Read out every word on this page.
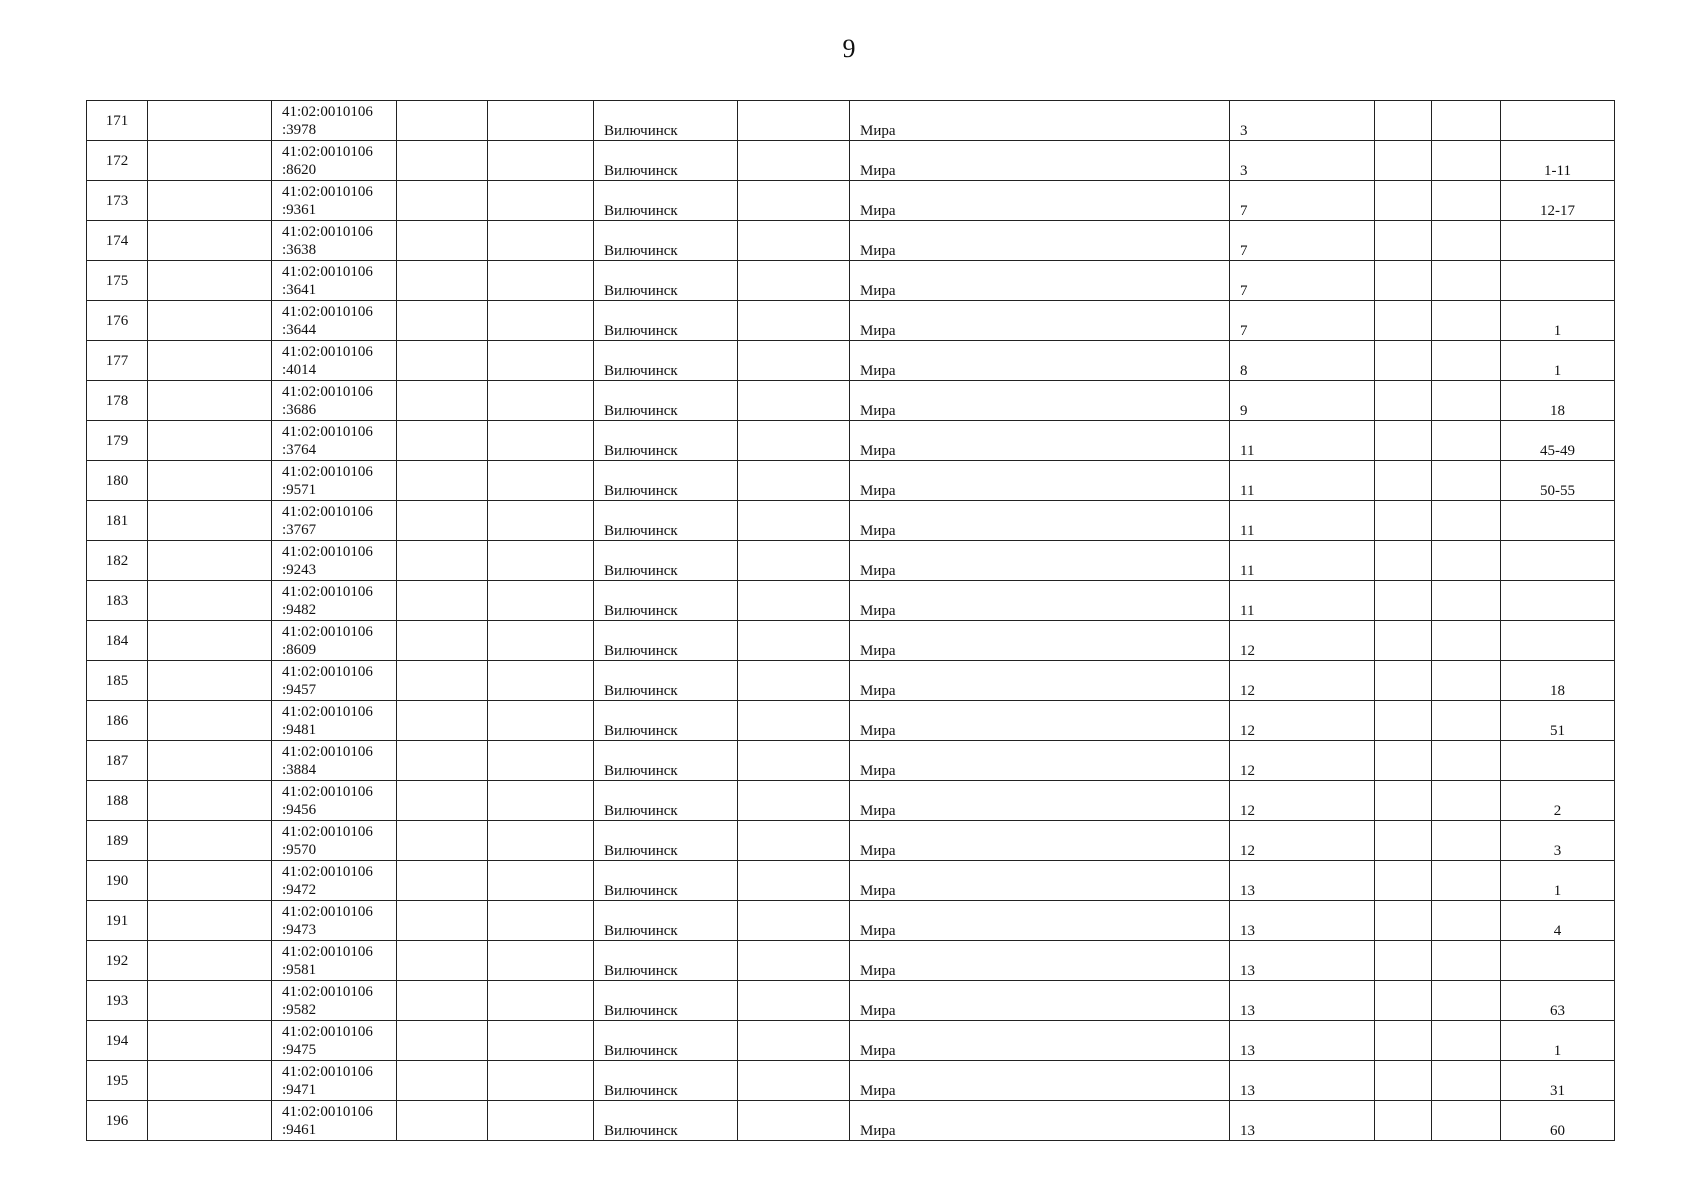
9
171		41:02:0010106
:3978			Вилючинск		Мира	3			
172		41:02:0010106
:8620			Вилючинск		Мира	3			1-11
173		41:02:0010106
:9361			Вилючинск		Мира	7			12-17
174		41:02:0010106
:3638			Вилючинск		Мира	7			
175		41:02:0010106
:3641			Вилючинск		Мира	7			
176		41:02:0010106
:3644			Вилючинск		Мира	7			1
177		41:02:0010106
:4014			Вилючинск		Мира	8			1
178		41:02:0010106
:3686			Вилючинск		Мира	9			18
179		41:02:0010106
:3764			Вилючинск		Мира	11			45-49
180		41:02:0010106
:9571			Вилючинск		Мира	11			50-55
181		41:02:0010106
:3767			Вилючинск		Мира	11			
182		41:02:0010106
:9243			Вилючинск		Мира	11			
183		41:02:0010106
:9482			Вилючинск		Мира	11			
184		41:02:0010106
:8609			Вилючинск		Мира	12			
185		41:02:0010106
:9457			Вилючинск		Мира	12			18
186		41:02:0010106
:9481			Вилючинск		Мира	12			51
187		41:02:0010106
:3884			Вилючинск		Мира	12			
188		41:02:0010106
:9456			Вилючинск		Мира	12			2
189		41:02:0010106
:9570			Вилючинск		Мира	12			3
190		41:02:0010106
:9472			Вилючинск		Мира	13			1
191		41:02:0010106
:9473			Вилючинск		Мира	13			4
192		41:02:0010106
:9581			Вилючинск		Мира	13			
193		41:02:0010106
:9582			Вилючинск		Мира	13			63
194		41:02:0010106
:9475			Вилючинск		Мира	13			1
195		41:02:0010106
:9471			Вилючинск		Мира	13			31
196		41:02:0010106
:9461			Вилючинск		Мира	13			60
